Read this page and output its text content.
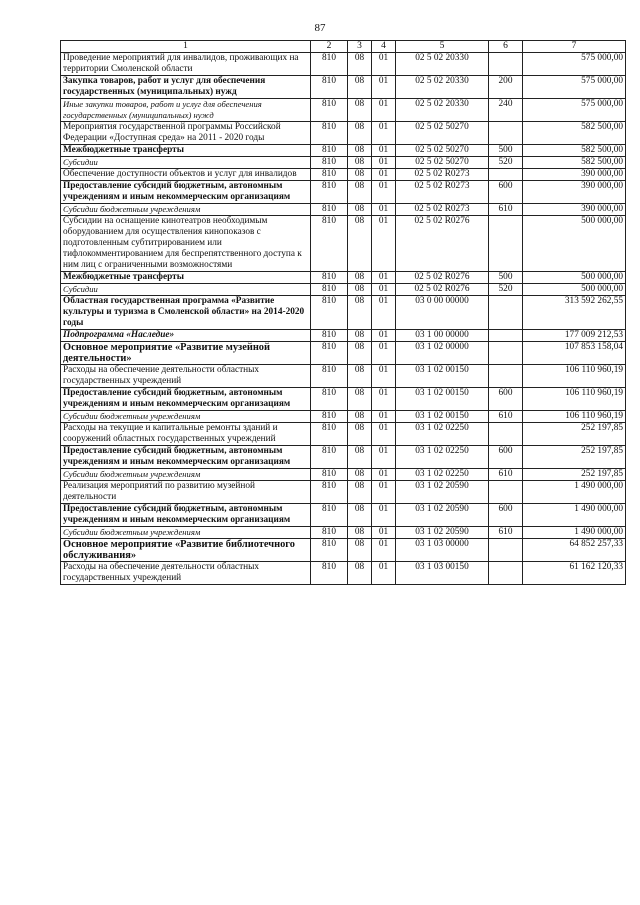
87
1	2	3	4	5	6	7
Проведение мероприятий для инвалидов, проживающих на территории Смоленской области	810	08	01	02 5 02 20330		575 000,00
Закупка товаров, работ и услуг для обеспечения государственных (муниципальных) нужд	810	08	01	02 5 02 20330	200	575 000,00
Иные закупки товаров, работ и услуг для обеспечения государственных (муниципальных) нужд	810	08	01	02 5 02 20330	240	575 000,00
Мероприятия государственной программы Российской Федерации «Доступная среда» на 2011 - 2020 годы	810	08	01	02 5 02 50270		582 500,00
Межбюджетные трансферты	810	08	01	02 5 02 50270	500	582 500,00
Субсидии	810	08	01	02 5 02 50270	520	582 500,00
Обеспечение доступности объектов и услуг для инвалидов	810	08	01	02 5 02 R0273		390 000,00
Предоставление субсидий бюджетным, автономным учреждениям и иным некоммерческим организациям	810	08	01	02 5 02 R0273	600	390 000,00
Субсидии бюджетным учреждениям	810	08	01	02 5 02 R0273	610	390 000,00
Субсидии на оснащение кинотеатров необходимым оборудованием для осуществления кинопоказов с подготовленным субтитрированием или тифлокомментированием для беспрепятственного доступа к ним лиц с ограниченными возможностями	810	08	01	02 5 02 R0276		500 000,00
Межбюджетные трансферты	810	08	01	02 5 02 R0276	500	500 000,00
Субсидии	810	08	01	02 5 02 R0276	520	500 000,00
Областная государственная программа «Развитие культуры и туризма в Смоленской области» на 2014-2020 годы	810	08	01	03 0 00 00000		313 592 262,55
Подпрограмма «Наследие»	810	08	01	03 1 00 00000		177 009 212,53
Основное мероприятие «Развитие музейной деятельности»	810	08	01	03 1 02 00000		107 853 158,04
Расходы на обеспечение деятельности областных государственных учреждений	810	08	01	03 1 02 00150		106 110 960,19
Предоставление субсидий бюджетным, автономным учреждениям и иным некоммерческим организациям	810	08	01	03 1 02 00150	600	106 110 960,19
Субсидии бюджетным учреждениям	810	08	01	03 1 02 00150	610	106 110 960,19
Расходы на текущие и капитальные ремонты зданий и сооружений областных государственных учреждений	810	08	01	03 1 02 02250		252 197,85
Предоставление субсидий бюджетным, автономным учреждениям и иным некоммерческим организациям	810	08	01	03 1 02 02250	600	252 197,85
Субсидии бюджетным учреждениям	810	08	01	03 1 02 02250	610	252 197,85
Реализация мероприятий по развитию музейной деятельности	810	08	01	03 1 02 20590		1 490 000,00
Предоставление субсидий бюджетным, автономным учреждениям и иным некоммерческим организациям	810	08	01	03 1 02 20590	600	1 490 000,00
Субсидии бюджетным учреждениям	810	08	01	03 1 02 20590	610	1 490 000,00
Основное мероприятие «Развитие библиотечного обслуживания»	810	08	01	03 1 03 00000		64 852 257,33
Расходы на обеспечение деятельности областных государственных учреждений	810	08	01	03 1 03 00150		61 162 120,33
